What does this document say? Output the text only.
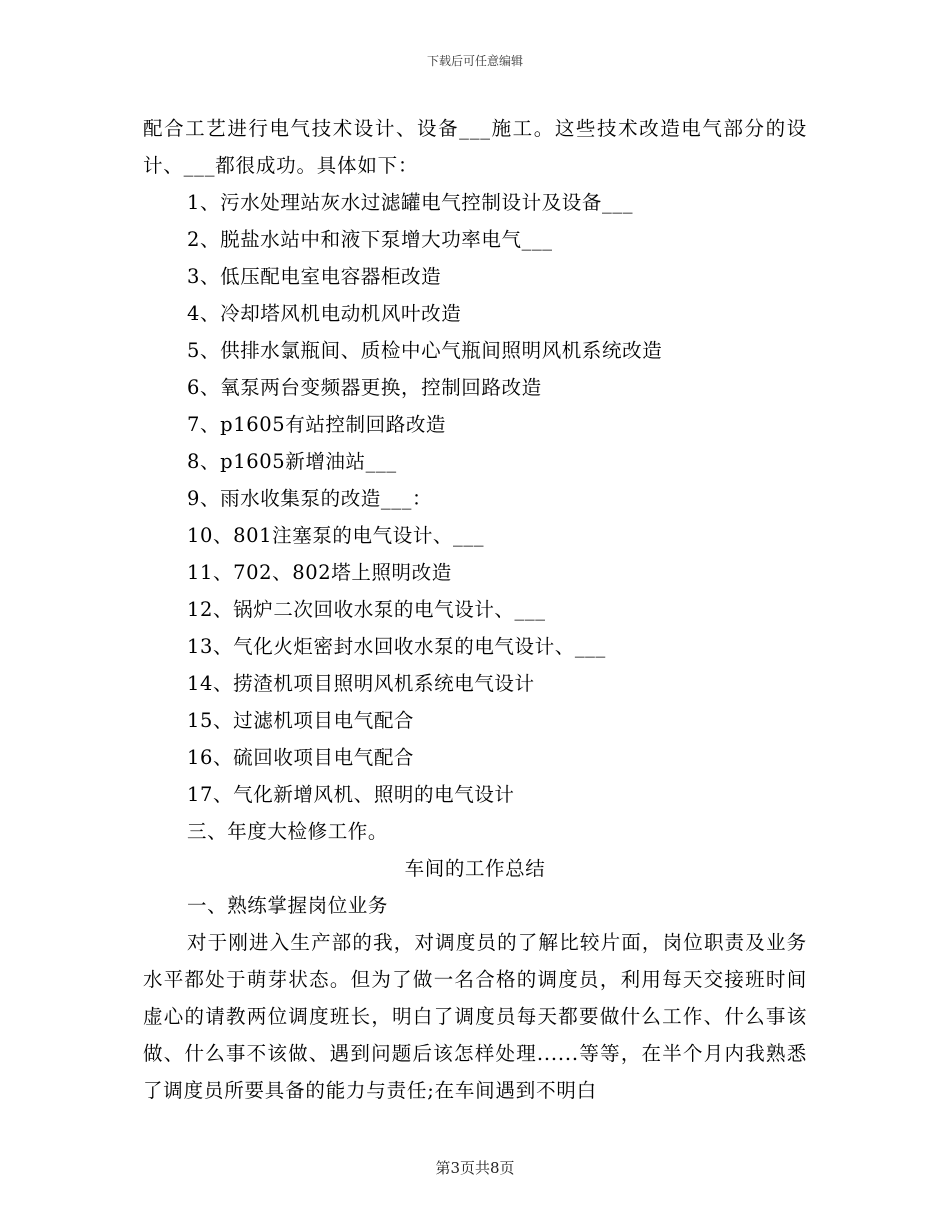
下载后可任意编辑

配合工艺进行电气技术设计、设备___施工。这些技术改造电气部分的设计、___都很成功。具体如下：

1、污水处理站灰水过滤罐电气控制设计及设备___

2、脱盐水站中和液下泵增大功率电气___

3、低压配电室电容器柜改造

4、冷却塔风机电动机风叶改造

5、供排水氯瓶间、质检中心气瓶间照明风机系统改造

6、氧泵两台变频器更换，控制回路改造

7、p1605有站控制回路改造

8、p1605新增油站___

9、雨水收集泵的改造___：

10、801注塞泵的电气设计、___

11、702、802塔上照明改造

12、锅炉二次回收水泵的电气设计、___

13、气化火炬密封水回收水泵的电气设计、___

14、捞渣机项目照明风机系统电气设计

15、过滤机项目电气配合

16、硫回收项目电气配合

17、气化新增风机、照明的电气设计

三、年度大检修工作。

车间的工作总结

一、熟练掌握岗位业务

对于刚进入生产部的我，对调度员的了解比较片面，岗位职责及业务水平都处于萌芽状态。但为了做一名合格的调度员，利用每天交接班时间虚心的请教两位调度班长，明白了调度员每天都要做什么工作、什么事该做、什么事不该做、遇到问题后该怎样处理......等等，在半个月内我熟悉了调度员所要具备的能力与责任;在车间遇到不明白

第3页共8页
